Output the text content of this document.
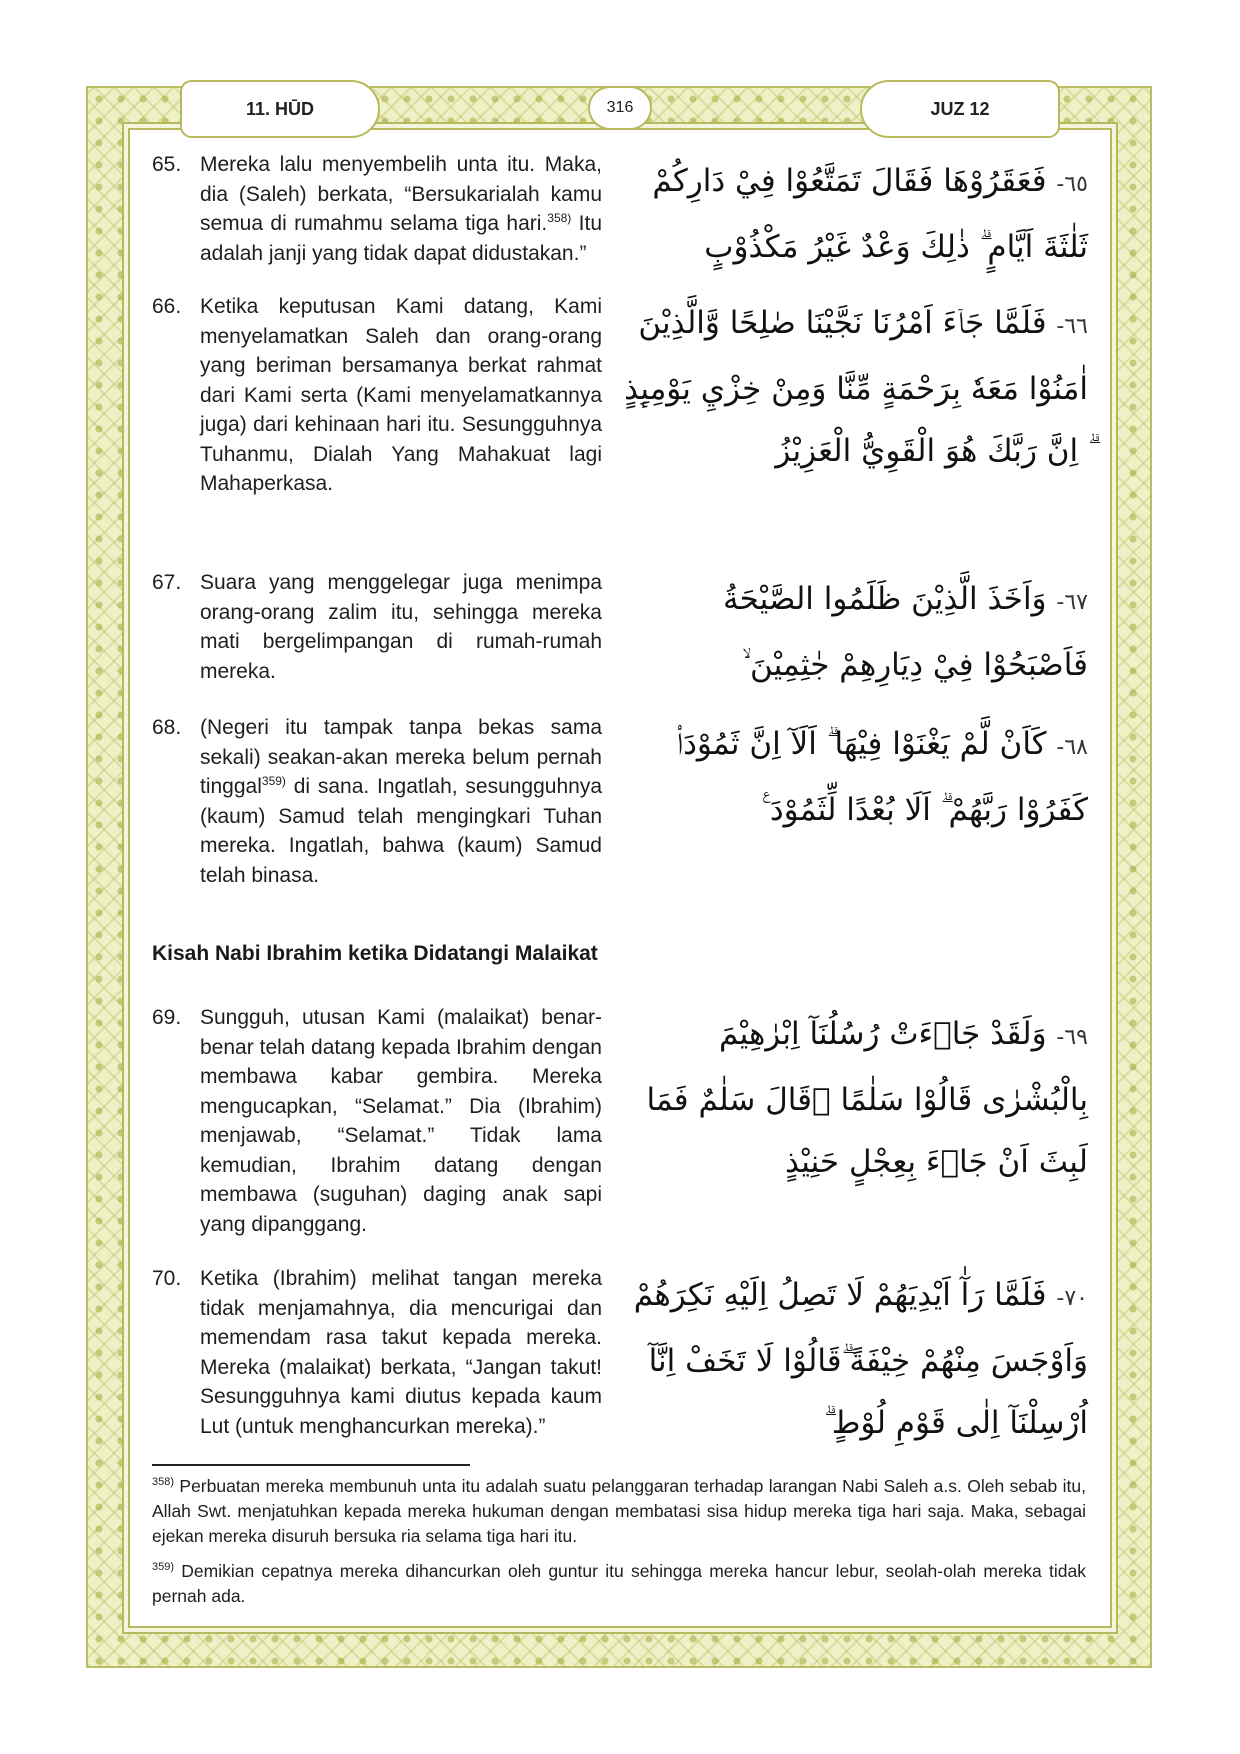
11. HŪD	316	JUZ 12
65. Mereka lalu menyembelih unta itu. Maka, dia (Saleh) berkata, “Bersukarialah kamu semua di rumahmu selama tiga hari.$^{358)}$ Itu adalah janji yang tidak dapat didustakan.”
٦٥- فَعَقَرُوْهَا فَقَالَ تَمَتَّعُوْا فِيْ دَارِكُمْ ثَلٰثَةَ اَيَّامٍ ۗ ذٰلِكَ وَعْدٌ غَيْرُ مَكْذُوْبٍ
66. Ketika keputusan Kami datang, Kami menyelamatkan Saleh dan orang-orang yang beriman bersamanya berkat rahmat dari Kami serta (Kami menyelamatkannya juga) dari kehinaan hari itu. Sesungguhnya Tuhanmu, Dialah Yang Mahakuat lagi Mahaperkasa.
٦٦- فَلَمَّا جَاۤءَ اَمْرُنَا نَجَّيْنَا صٰلِحًا وَّالَّذِيْنَ اٰمَنُوْا مَعَهٗ بِرَحْمَةٍ مِّنَّا وَمِنْ خِزْيِ يَوْمِىِٕذٍ ۗ اِنَّ رَبَّكَ هُوَ الْقَوِيُّ الْعَزِيْزُ
67. Suara yang menggelegar juga menimpa orang-orang zalim itu, sehingga mereka mati bergelimpangan di rumah-rumah mereka.
٦٧- وَاَخَذَ الَّذِيْنَ ظَلَمُوا الصَّيْحَةُ فَاَصْبَحُوْا فِيْ دِيَارِهِمْ جٰثِمِيْنَ ۙ
68. (Negeri itu tampak tanpa bekas sama sekali) seakan-akan mereka belum pernah tinggal$^{359)}$ di sana. Ingatlah, sesungguhnya (kaum) Samud telah mengingkari Tuhan mereka. Ingatlah, bahwa (kaum) Samud telah binasa.
٦٨- كَاَنْ لَّمْ يَغْنَوْا فِيْهَا ۗ اَلَآ اِنَّ ثَمُوْدَا۟ كَفَرُوْا رَبَّهُمْ ۗ اَلَا بُعْدًا لِّثَمُوْدَ ࣖ
Kisah Nabi Ibrahim ketika Didatangi Malaikat
69. Sungguh, utusan Kami (malaikat) benar-benar telah datang kepada Ibrahim dengan membawa kabar gembira. Mereka mengucapkan, “Selamat.” Dia (Ibrahim) menjawab, “Selamat.” Tidak lama kemudian, Ibrahim datang dengan membawa (suguhan) daging anak sapi yang dipanggang.
٦٩- وَلَقَدْ جَاۤءَتْ رُسُلُنَآ اِبْرٰهِيْمَ بِالْبُشْرٰى قَالُوْا سَلٰمًا ۖقَالَ سَلٰمٌ فَمَا لَبِثَ اَنْ جَاۤءَ بِعِجْلٍ حَنِيْذٍ
70. Ketika (Ibrahim) melihat tangan mereka tidak menjamahnya, dia mencurigai dan memendam rasa takut kepada mereka. Mereka (malaikat) berkata, “Jangan takut! Sesungguhnya kami diutus kepada kaum Lut (untuk menghancurkan mereka).”
٧٠- فَلَمَّا رَآٰ اَيْدِيَهُمْ لَا تَصِلُ اِلَيْهِ نَكِرَهُمْ وَاَوْجَسَ مِنْهُمْ خِيْفَةً ۗقَالُوْا لَا تَخَفْ اِنَّآ اُرْسِلْنَآ اِلٰى قَوْمِ لُوْطٍ ۗ

$^{358)}$ Perbuatan mereka membunuh unta itu adalah suatu pelanggaran terhadap larangan Nabi Saleh a.s. Oleh sebab itu, Allah Swt. menjatuhkan kepada mereka hukuman dengan membatasi sisa hidup mereka tiga hari saja. Maka, sebagai ejekan mereka disuruh bersuka ria selama tiga hari itu.

$^{359)}$ Demikian cepatnya mereka dihancurkan oleh guntur itu sehingga mereka hancur lebur, seolah-olah mereka tidak pernah ada.
